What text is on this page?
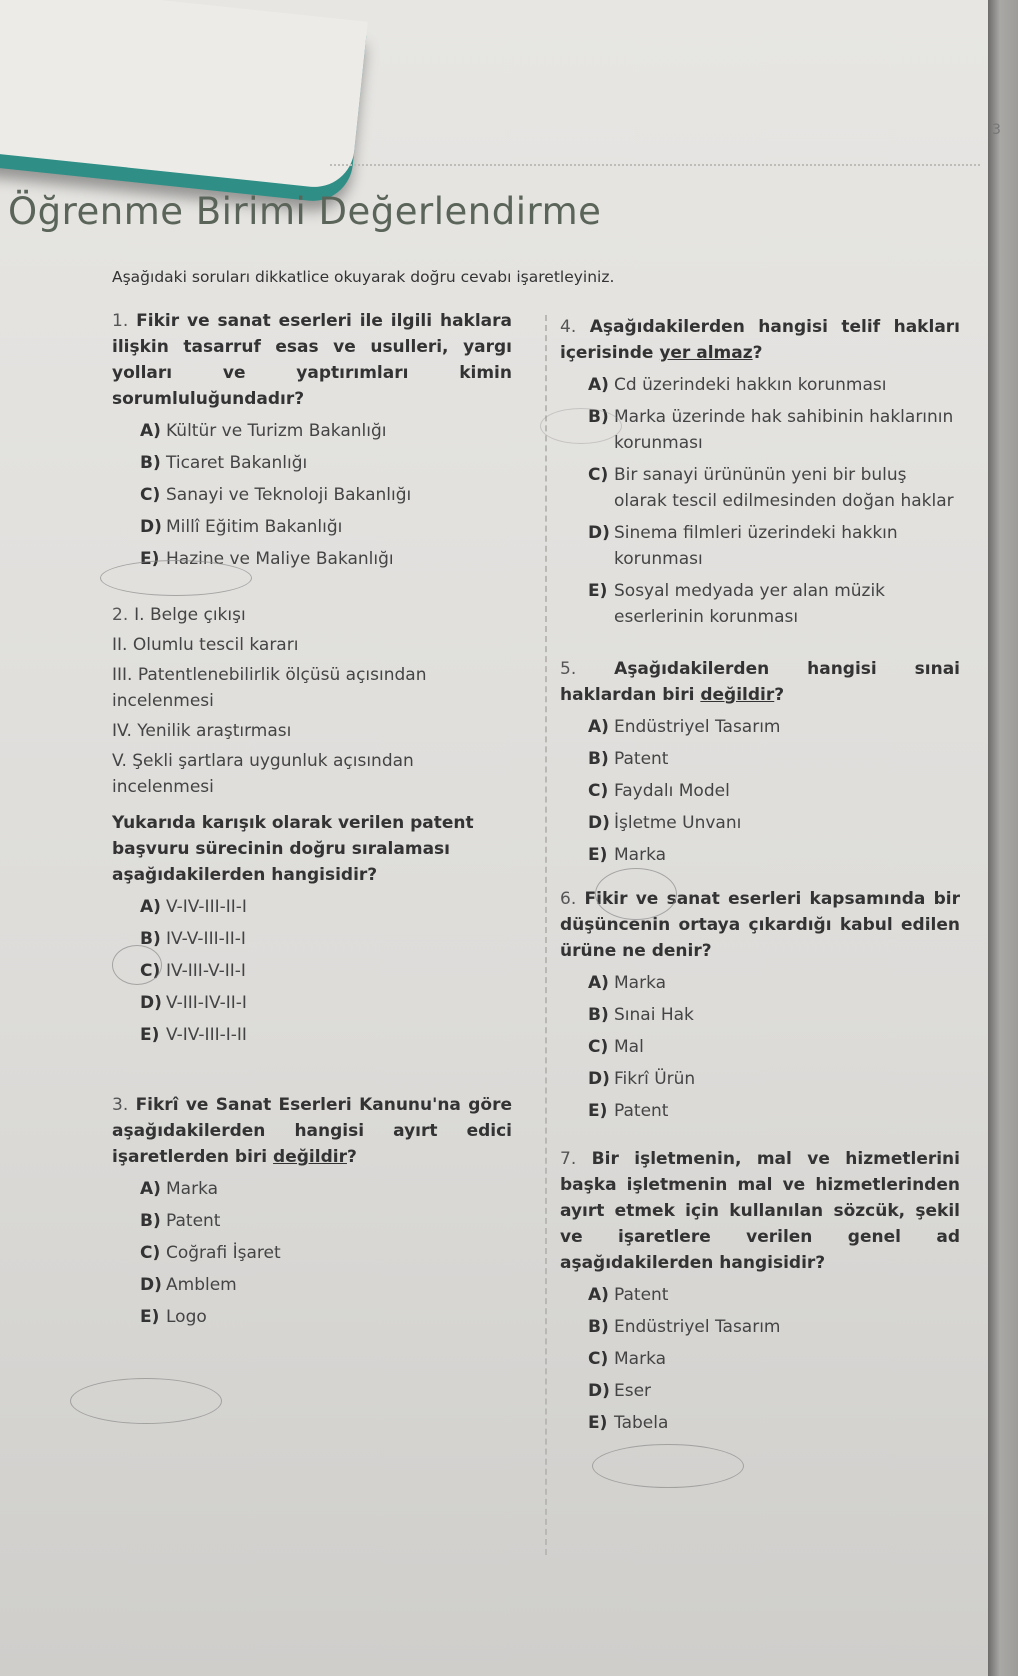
3
Öğrenme Birimi Değerlendirme
Aşağıdaki soruları dikkatlice okuyarak doğru cevabı işaretleyiniz.
1. Fikir ve sanat eserleri ile ilgili haklara ilişkin tasarruf esas ve usulleri, yargı yolları ve yaptırımları kimin sorumluluğundadır?
A) Kültür ve Turizm Bakanlığı
B) Ticaret Bakanlığı
C) Sanayi ve Teknoloji Bakanlığı
D) Millî Eğitim Bakanlığı
E) Hazine ve Maliye Bakanlığı
2. I. Belge çıkışı
II. Olumlu tescil kararı
III. Patentlenebilirlik ölçüsü açısından incelenmesi
IV. Yenilik araştırması
V. Şekli şartlara uygunluk açısından incelenmesi
Yukarıda karışık olarak verilen patent başvuru sürecinin doğru sıralaması aşağıdakilerden hangisidir?
A) V-IV-III-II-I
B) IV-V-III-II-I
C) IV-III-V-II-I
D) V-III-IV-II-I
E) V-IV-III-I-II
3. Fikrî ve Sanat Eserleri Kanunu'na göre aşağıdakilerden hangisi ayırt edici işaretlerden biri değildir?
A) Marka
B) Patent
C) Coğrafi İşaret
D) Amblem
E) Logo
4. Aşağıdakilerden hangisi telif hakları içerisinde yer almaz?
A) Cd üzerindeki hakkın korunması
B) Marka üzerinde hak sahibinin haklarının korunması
C) Bir sanayi ürününün yeni bir buluş olarak tescil edilmesinden doğan haklar
D) Sinema filmleri üzerindeki hakkın korunması
E) Sosyal medyada yer alan müzik eserlerinin korunması
5. Aşağıdakilerden hangisi sınai haklardan biri değildir?
A) Endüstriyel Tasarım
B) Patent
C) Faydalı Model
D) İşletme Unvanı
E) Marka
6. Fikir ve sanat eserleri kapsamında bir düşüncenin ortaya çıkardığı kabul edilen ürüne ne denir?
A) Marka
B) Sınai Hak
C) Mal
D) Fikrî Ürün
E) Patent
7. Bir işletmenin, mal ve hizmetlerini başka işletmenin mal ve hizmetlerinden ayırt etmek için kullanılan sözcük, şekil ve işaretlere verilen genel ad aşağıdakilerden hangisidir?
A) Patent
B) Endüstriyel Tasarım
C) Marka
D) Eser
E) Tabela
